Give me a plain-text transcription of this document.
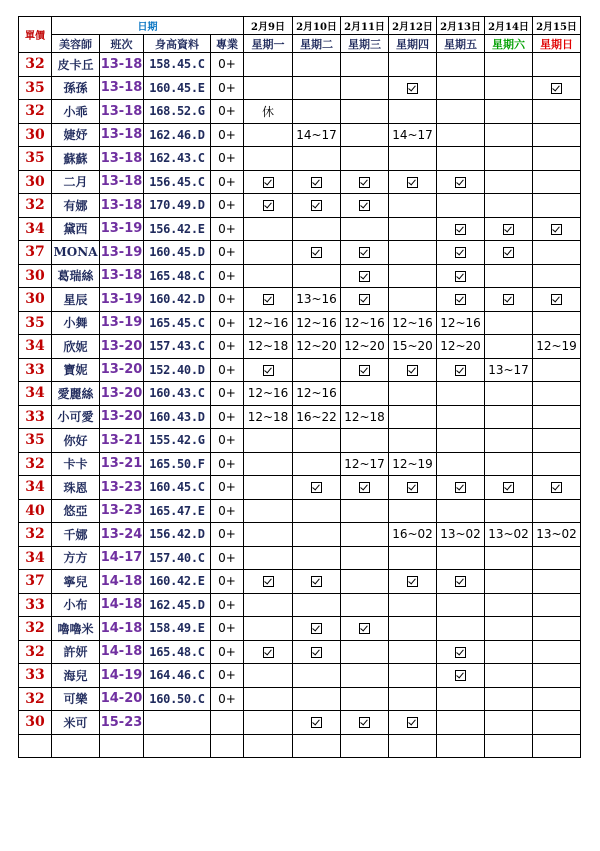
單價	日期				2月9日	2月10日	2月11日	2月12日	2月13日	2月14日	2月15日
	美容師	班次	身高資料	專業	星期一	星期二	星期三	星期四	星期五	星期六	星期日
32	皮卡丘	13-18	158.45.C	0+							
35	孫孫	13-18	160.45.E	0+							
32	小乖	13-18	168.52.G	0+	休						
30	婕妤	13-18	162.46.D	0+		14~17		14~17			
35	蘇蘇	13-18	162.43.C	0+							
30	二月	13-18	156.45.C	0+							
32	有娜	13-18	170.49.D	0+							
34	黛西	13-19	156.42.E	0+							
37	MONA	13-19	160.45.D	0+							
30	葛瑞絲	13-18	165.48.C	0+							
30	星辰	13-19	160.42.D	0+		13~16					
35	小舞	13-19	165.45.C	0+	12~16	12~16	12~16	12~16	12~16		
34	欣妮	13-20	157.43.C	0+	12~18	12~20	12~20	15~20	12~20		12~19
33	寶妮	13-20	152.40.D	0+						13~17	
34	愛麗絲	13-20	160.43.C	0+	12~16	12~16					
33	小可愛	13-20	160.43.D	0+	12~18	16~22	12~18				
35	你好	13-21	155.42.G	0+							
32	卡卡	13-21	165.50.F	0+			12~17	12~19			
34	珠恩	13-23	160.45.C	0+							
40	悠亞	13-23	165.47.E	0+							
32	千娜	13-24	156.42.D	0+				16~02	13~02	13~02	13~02
34	方方	14-17	157.40.C	0+							
37	寧兒	14-18	160.42.E	0+							
33	小布	14-18	162.45.D	0+							
32	嚕嚕米	14-18	158.49.E	0+							
32	許妍	14-18	165.48.C	0+							
33	海兒	14-19	164.46.C	0+							
32	可樂	14-20	160.50.C	0+							
30	米可	15-23									
